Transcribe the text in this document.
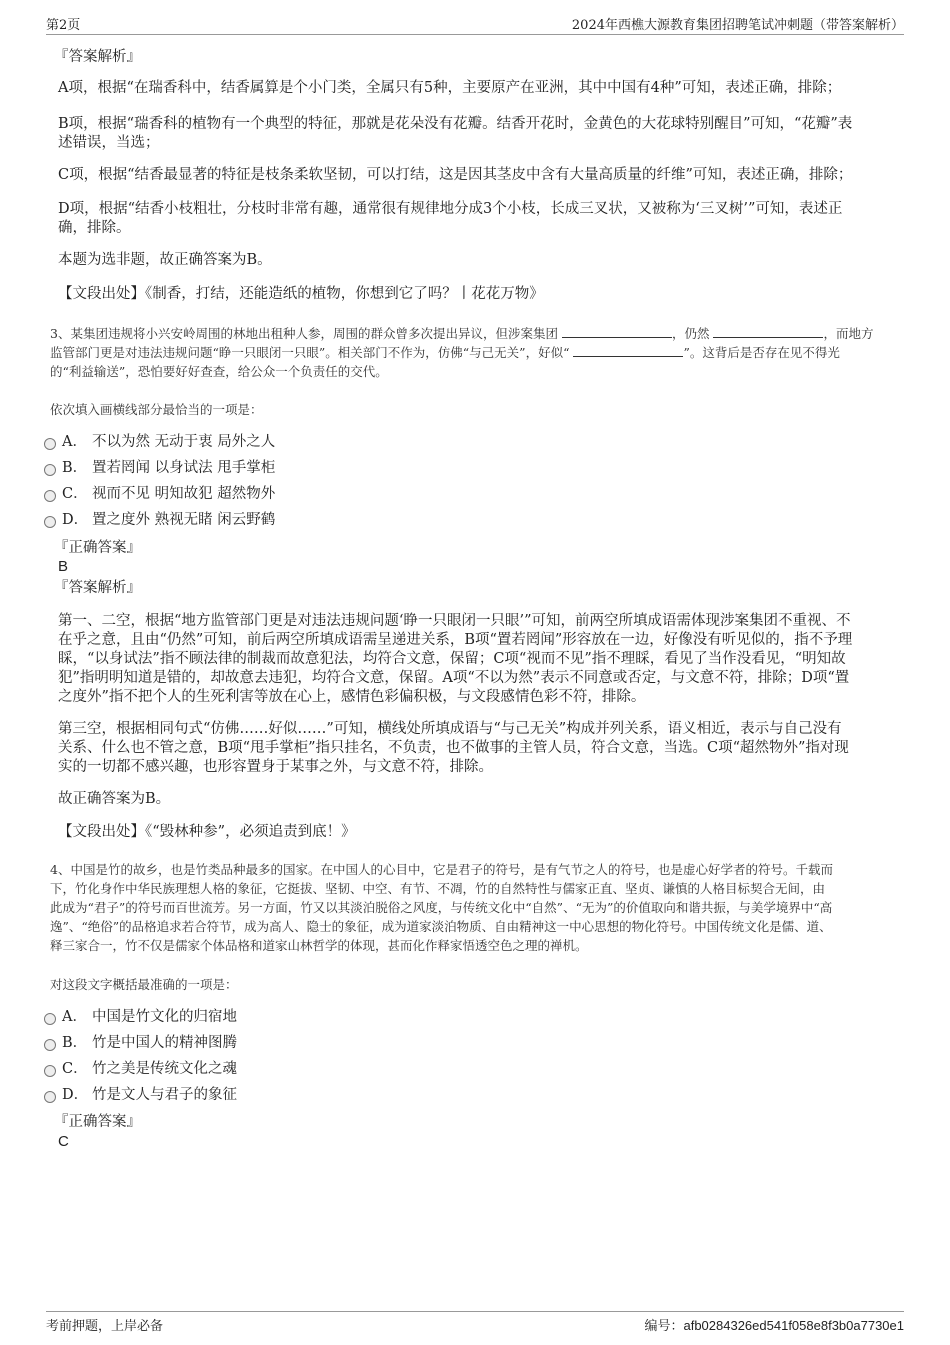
第2页	2024年西樵大源教育集团招聘笔试冲刺题（带答案解析）
『答案解析』
A项，根据“在瑞香科中，结香属算是个小门类，全属只有5种，主要原产在亚洲，其中中国有4种”可知，表述正确，排除；
B项，根据“瑞香科的植物有一个典型的特征，那就是花朵没有花瓣。结香开花时，金黄色的大花球特别醒目”可知，“花瓣”表
述错误，当选；
C项，根据“结香最显著的特征是枝条柔软坚韧，可以打结，这是因其茎皮中含有大量高质量的纤维”可知，表述正确，排除；
D项，根据“结香小枝粗壮，分枝时非常有趣，通常很有规律地分成3个小枝，长成三叉状，又被称为‘三叉树’”可知，表述正
确，排除。
本题为选非题，故正确答案为B。
【文段出处】《制香，打结，还能造纸的植物，你想到它了吗？丨花花万物》
3、某集团违规将小兴安岭周围的林地出租种人参，周围的群众曾多次提出异议，但涉案集团	，仍然	，而地方
监管部门更是对违法违规问题“睁一只眼闭一只眼”。相关部门不作为，仿佛“与己无关”，好似“	”。这背后是否存在见不得光
的“利益输送”，恐怕要好好查查，给公众一个负责任的交代。
依次填入画横线部分最恰当的一项是：
A． 不以为然 无动于衷 局外之人
B． 置若罔闻 以身试法 甩手掌柜
C． 视而不见 明知故犯 超然物外
D． 置之度外 熟视无睹 闲云野鹤
『正确答案』
B
『答案解析』
第一、二空，根据“地方监管部门更是对违法违规问题‘睁一只眼闭一只眼’”可知，前两空所填成语需体现涉案集团不重视、不
在乎之意，且由“仍然”可知，前后两空所填成语需呈递进关系，B项“置若罔闻”形容放在一边，好像没有听见似的，指不予理
睬，“以身试法”指不顾法律的制裁而故意犯法，均符合文意，保留；C项“视而不见”指不理睬，看见了当作没看见，“明知故
犯”指明明知道是错的，却故意去违犯，均符合文意，保留。A项“不以为然”表示不同意或否定，与文意不符，排除；D项“置
之度外”指不把个人的生死利害等放在心上，感情色彩偏积极，与文段感情色彩不符，排除。
第三空，根据相同句式“仿佛……好似……”可知，横线处所填成语与“与己无关”构成并列关系，语义相近，表示与自己没有
关系、什么也不管之意，B项“甩手掌柜”指只挂名，不负责，也不做事的主管人员，符合文意，当选。C项“超然物外”指对现
实的一切都不感兴趣，也形容置身于某事之外，与文意不符，排除。
故正确答案为B。
【文段出处】《“毁林种参”，必须追责到底！》
4、中国是竹的故乡，也是竹类品种最多的国家。在中国人的心目中，它是君子的符号，是有气节之人的符号，也是虚心好学者的符号。千载而
下，竹化身作中华民族理想人格的象征，它挺拔、坚韧、中空、有节、不凋，竹的自然特性与儒家正直、坚贞、谦慎的人格目标契合无间，由
此成为“君子”的符号而百世流芳。另一方面，竹又以其淡泊脱俗之风度，与传统文化中“自然”、“无为”的价值取向和谐共振，与美学境界中“高
逸”、“绝俗”的品格追求若合符节，成为高人、隐士的象征，成为道家淡泊物质、自由精神这一中心思想的物化符号。中国传统文化是儒、道、
释三家合一，竹不仅是儒家个体品格和道家山林哲学的体现，甚而化作释家悟透空色之理的禅机。
对这段文字概括最准确的一项是：
A． 中国是竹文化的归宿地
B． 竹是中国人的精神图腾
C． 竹之美是传统文化之魂
D． 竹是文人与君子的象征
『正确答案』
C
考前押题，上岸必备	编号：afb0284326ed541f058e8f3b0a7730e1
